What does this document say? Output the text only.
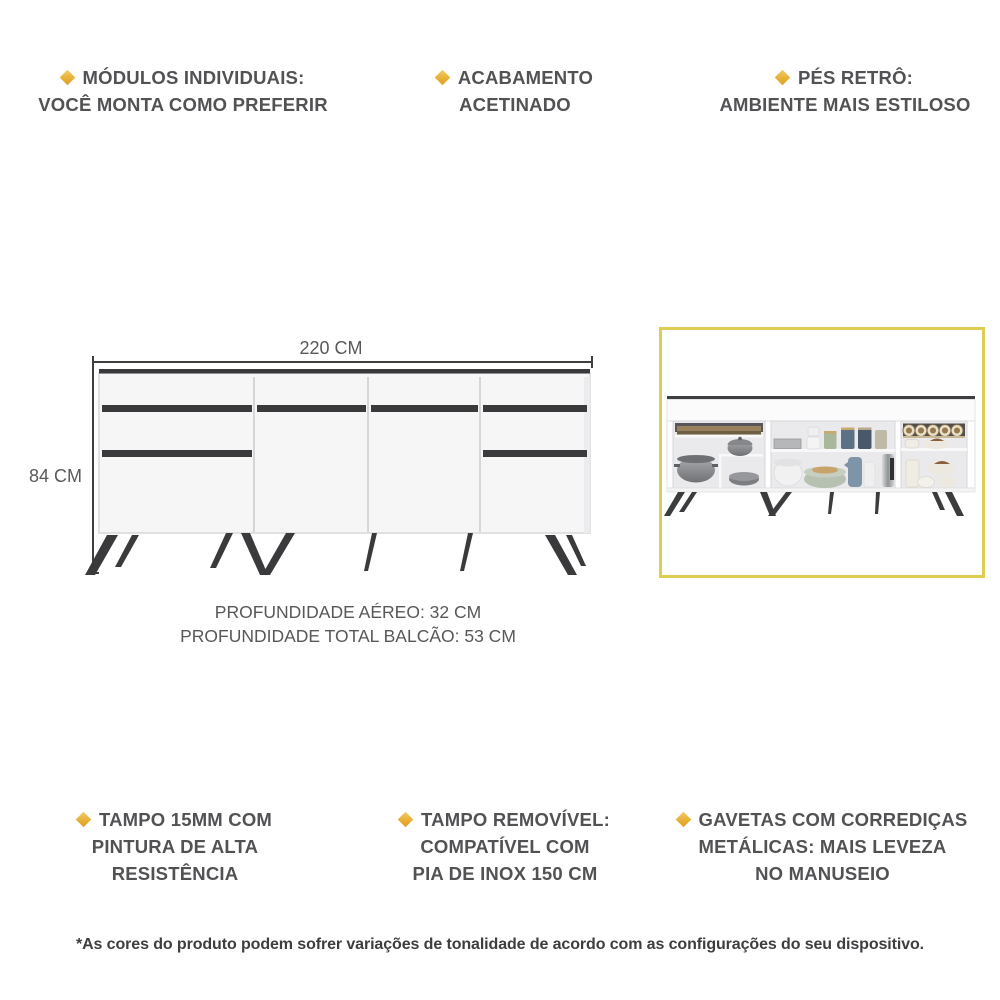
MÓDULOS INDIVIDUAIS:
VOCÊ MONTA COMO PREFERIR
ACABAMENTO
ACETINADO
PÉS RETRÔ:
AMBIENTE MAIS ESTILOSO
220 CM
84 CM
PROFUNDIDADE AÉREO: 32 CM
PROFUNDIDADE TOTAL BALCÃO: 53 CM
TAMPO 15MM COM
PINTURA DE ALTA
RESISTÊNCIA
TAMPO REMOVÍVEL:
COMPATÍVEL COM
PIA DE INOX 150 CM
GAVETAS COM CORREDIÇAS
METÁLICAS: MAIS LEVEZA
NO MANUSEIO
*As cores do produto podem sofrer variações de tonalidade de acordo com as configurações do seu dispositivo.
